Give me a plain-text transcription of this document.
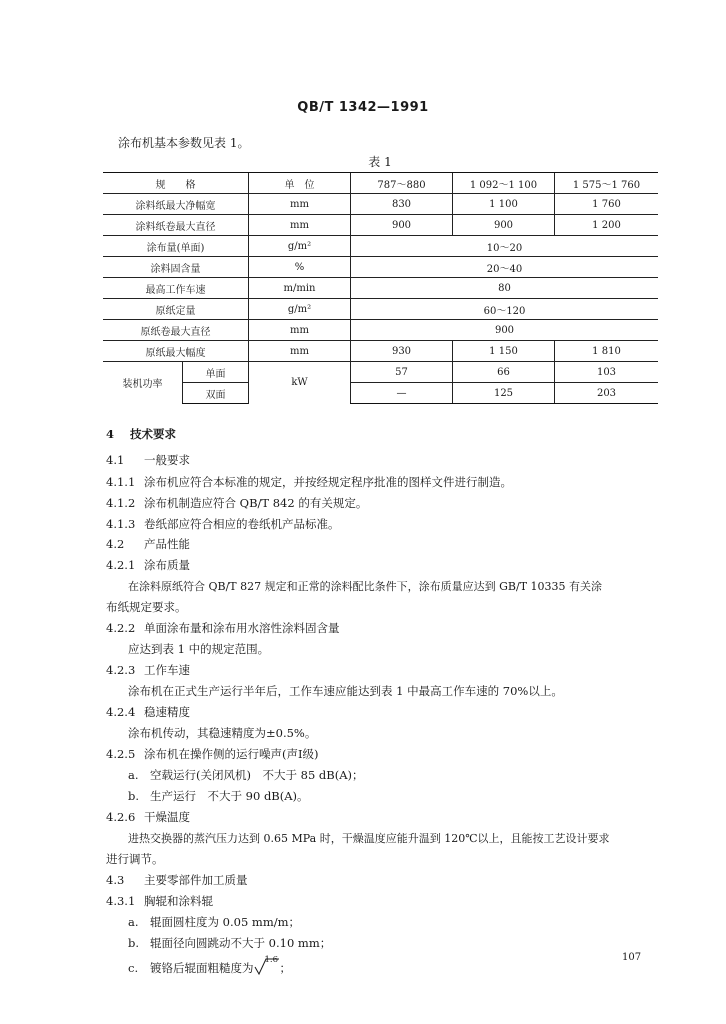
QB/T 1342—1991
涂布机基本参数见表 1。
表 1
规　　格		单　位	787～880	1 092～1 100	1 575～1 760
涂料纸最大净幅宽		mm	830	1 100	1 760
涂料纸卷最大直径		mm	900	900	1 200
涂布量(单面)		g/m²	10～20		
涂料固含量		%	20～40		
最高工作车速		m/min	80		
原纸定量		g/m²	60～120		
原纸卷最大直径		mm	900		
原纸最大幅度		mm	930	1 150	1 810
装机功率	单面	kW	57	66	103
	双面		—	125	203
4 技术要求
4.1 一般要求
4.1.1 涂布机应符合本标准的规定，并按经规定程序批准的图样文件进行制造。
4.1.2 涂布机制造应符合 QB/T 842 的有关规定。
4.1.3 卷纸部应符合相应的卷纸机产品标准。
4.2 产品性能
4.2.1 涂布质量
在涂料原纸符合 QB/T 827 规定和正常的涂料配比条件下，涂布质量应达到 GB/T 10335 有关涂
布纸规定要求。
4.2.2 单面涂布量和涂布用水溶性涂料固含量
应达到表 1 中的规定范围。
4.2.3 工作车速
涂布机在正式生产运行半年后，工作车速应能达到表 1 中最高工作车速的 70%以上。
4.2.4 稳速精度
涂布机传动，其稳速精度为±0.5%。
4.2.5 涂布机在操作侧的运行噪声(声Ⅰ级)
a. 空载运行(关闭风机)　不大于 85 dB(A)；
b. 生产运行　不大于 90 dB(A)。
4.2.6 干燥温度
进热交换器的蒸汽压力达到 0.65 MPa 时，干燥温度应能升温到 120℃以上，且能按工艺设计要求
进行调节。
4.3 主要零部件加工质量
4.3.1 胸辊和涂料辊
a. 辊面圆柱度为 0.05 mm/m；
b. 辊面径向圆跳动不大于 0.10 mm；
c. 镀铬后辊面粗糙度为
1.6
；
107
